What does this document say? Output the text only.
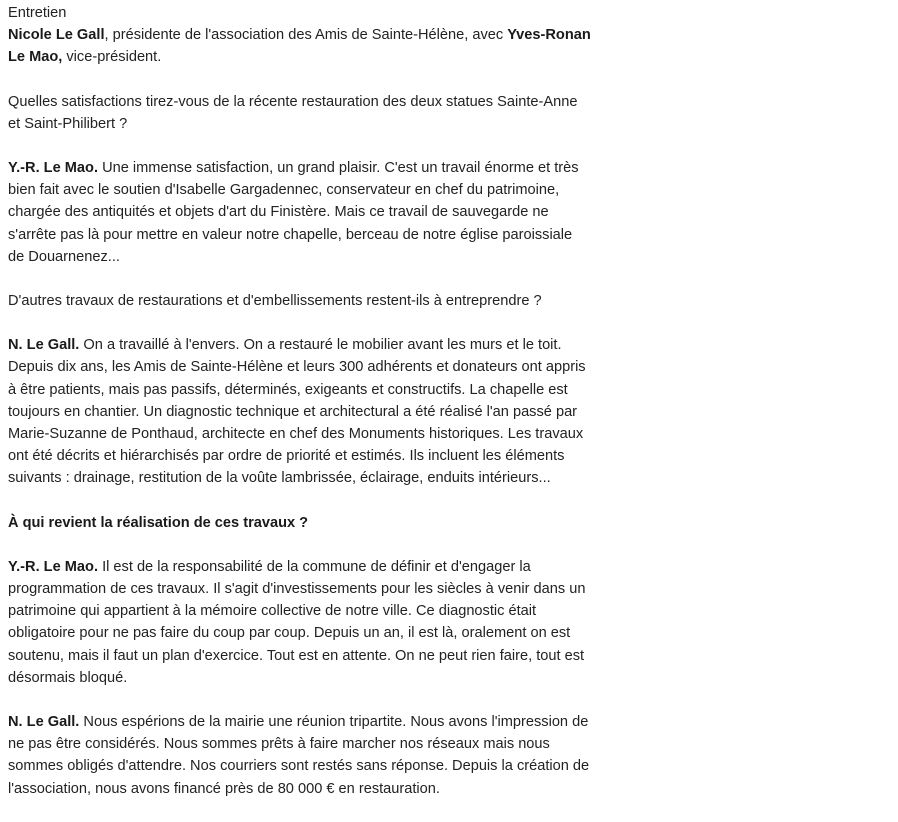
Entretien
Nicole Le Gall, présidente de l'association des Amis de Sainte-Hélène, avec Yves-Ronan Le Mao, vice-président.

Quelles satisfactions tirez-vous de la récente restauration des deux statues Sainte-Anne et Saint-Philibert ?

Y.-R. Le Mao. Une immense satisfaction, un grand plaisir. C'est un travail énorme et très bien fait avec le soutien d'Isabelle Gargadennec, conservateur en chef du patrimoine, chargée des antiquités et objets d'art du Finistère. Mais ce travail de sauvegarde ne s'arrête pas là pour mettre en valeur notre chapelle, berceau de notre église paroissiale de Douarnenez...

D'autres travaux de restaurations et d'embellissements restent-ils à entreprendre ?

N. Le Gall. On a travaillé à l'envers. On a restauré le mobilier avant les murs et le toit. Depuis dix ans, les Amis de Sainte-Hélène et leurs 300 adhérents et donateurs ont appris à être patients, mais pas passifs, déterminés, exigeants et constructifs. La chapelle est toujours en chantier. Un diagnostic technique et architectural a été réalisé l'an passé par Marie-Suzanne de Ponthaud, architecte en chef des Monuments historiques. Les travaux ont été décrits et hiérarchisés par ordre de priorité et estimés. Ils incluent les éléments suivants : drainage, restitution de la voûte lambrissée, éclairage, enduits intérieurs...

À qui revient la réalisation de ces travaux ?

Y.-R. Le Mao. Il est de la responsabilité de la commune de définir et d'engager la programmation de ces travaux. Il s'agit d'investissements pour les siècles à venir dans un patrimoine qui appartient à la mémoire collective de notre ville. Ce diagnostic était obligatoire pour ne pas faire du coup par coup. Depuis un an, il est là, oralement on est soutenu, mais il faut un plan d'exercice. Tout est en attente. On ne peut rien faire, tout est désormais bloqué.

N. Le Gall. Nous espérions de la mairie une réunion tripartite. Nous avons l'impression de ne pas être considérés. Nous sommes prêts à faire marcher nos réseaux mais nous sommes obligés d'attendre. Nos courriers sont restés sans réponse. Depuis la création de l'association, nous avons financé près de 80 000 € en restauration.
